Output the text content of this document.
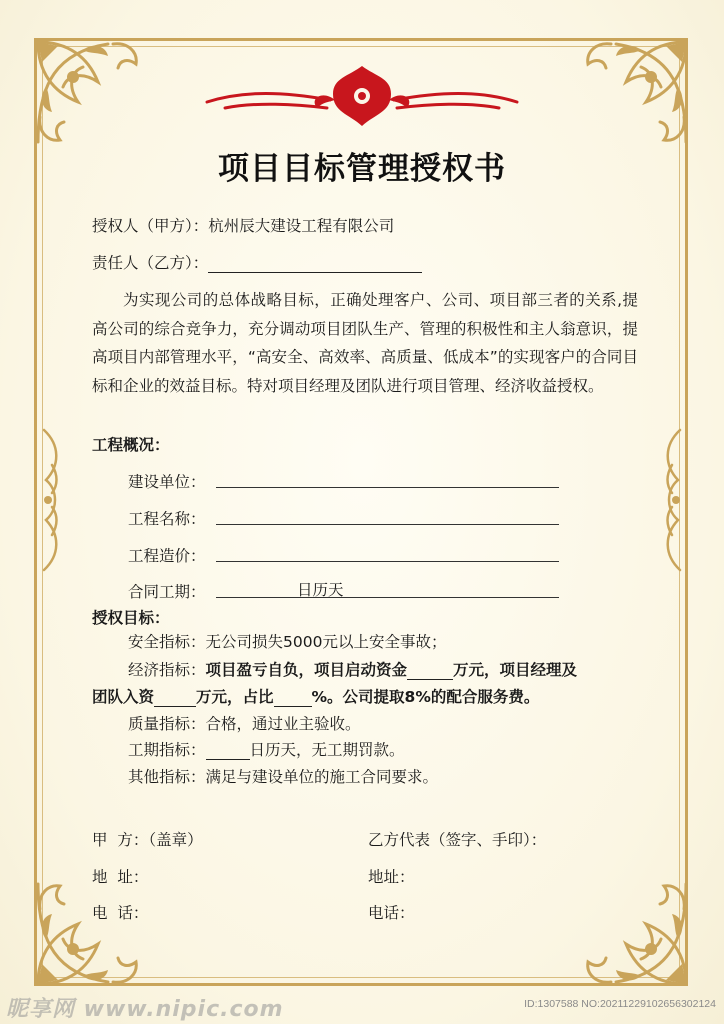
项目目标管理授权书
授权人（甲方）：杭州辰大建设工程有限公司
责任人（乙方）：
为实现公司的总体战略目标，正确处理客户、公司、项目部三者的关系,提高公司的综合竞争力，充分调动项目团队生产、管理的积极性和主人翁意识，提高项目内部管理水平，“高安全、高效率、高质量、低成本”的实现客户的合同目标和企业的效益目标。特对项目经理及团队进行项目管理、经济收益授权。
工程概况：
建设单位：
工程名称：
工程造价：
合同工期：	日历天
授权目标：
安全指标：无公司损失5000元以上安全事故；
经济指标：项目盈亏自负，项目启动资金	万元，项目经理及
团队入资	万元，占比 %。公司提取8%的配合服务费。
质量指标：合格，通过业主验收。
工期指标：	日历天，无工期罚款。
其他指标：满足与建设单位的施工合同要求。
甲  方：（盖章）	乙方代表（签字、手印）：
地  址：	地址：
电  话：	电话：
昵享网 www.nipic.com	ID:1307588 NO:20211229102656302124
